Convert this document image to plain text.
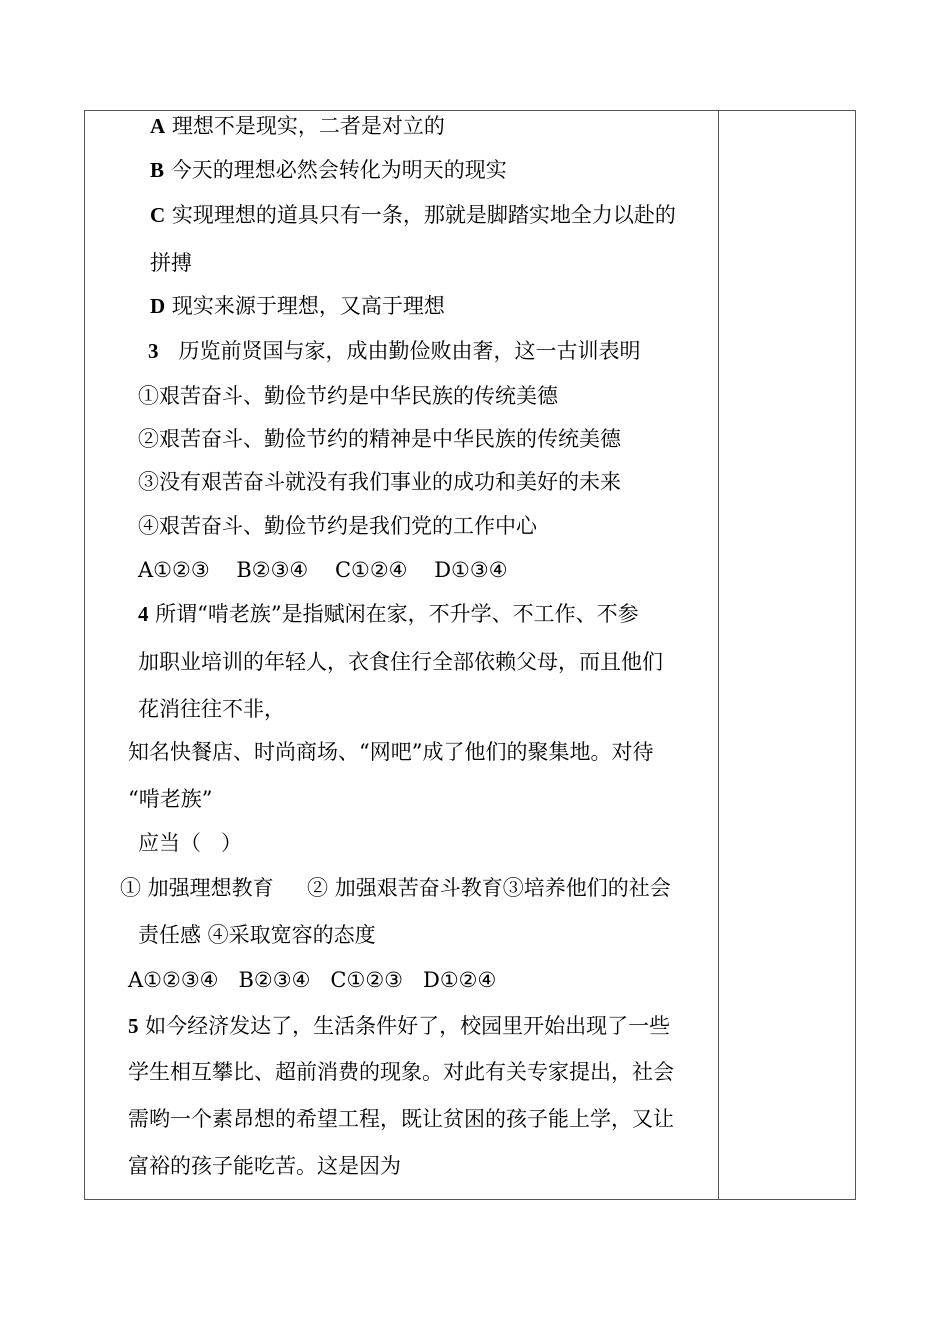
A 理想不是现实，二者是对立的
B 今天的理想必然会转化为明天的现实
C 实现理想的道具只有一条，那就是脚踏实地全力以赴的
拼搏
D 现实来源于理想，又高于理想
3   历览前贤国与家，成由勤俭败由奢，这一古训表明
①艰苦奋斗、勤俭节约是中华民族的传统美德
②艰苦奋斗、勤俭节约的精神是中华民族的传统美德
③没有艰苦奋斗就没有我们事业的成功和美好的未来
④艰苦奋斗、勤俭节约是我们党的工作中心
A①②③    B②③④    C①②④    D①③④
4 所谓“啃老族”是指赋闲在家，不升学、不工作、不参
加职业培训的年轻人，衣食住行全部依赖父母，而且他们
花消往往不非，
知名快餐店、时尚商场、“网吧”成了他们的聚集地。对待
“啃老族”
应当（   ）
① 加强理想教育     ② 加强艰苦奋斗教育③培养他们的社会
责任感 ④采取宽容的态度
A①②③④   B②③④   C①②③   D①②④
5 如今经济发达了，生活条件好了，校园里开始出现了一些
学生相互攀比、超前消费的现象。对此有关专家提出，社会
需哟一个素昂想的希望工程，既让贫困的孩子能上学，又让
富裕的孩子能吃苦。这是因为
